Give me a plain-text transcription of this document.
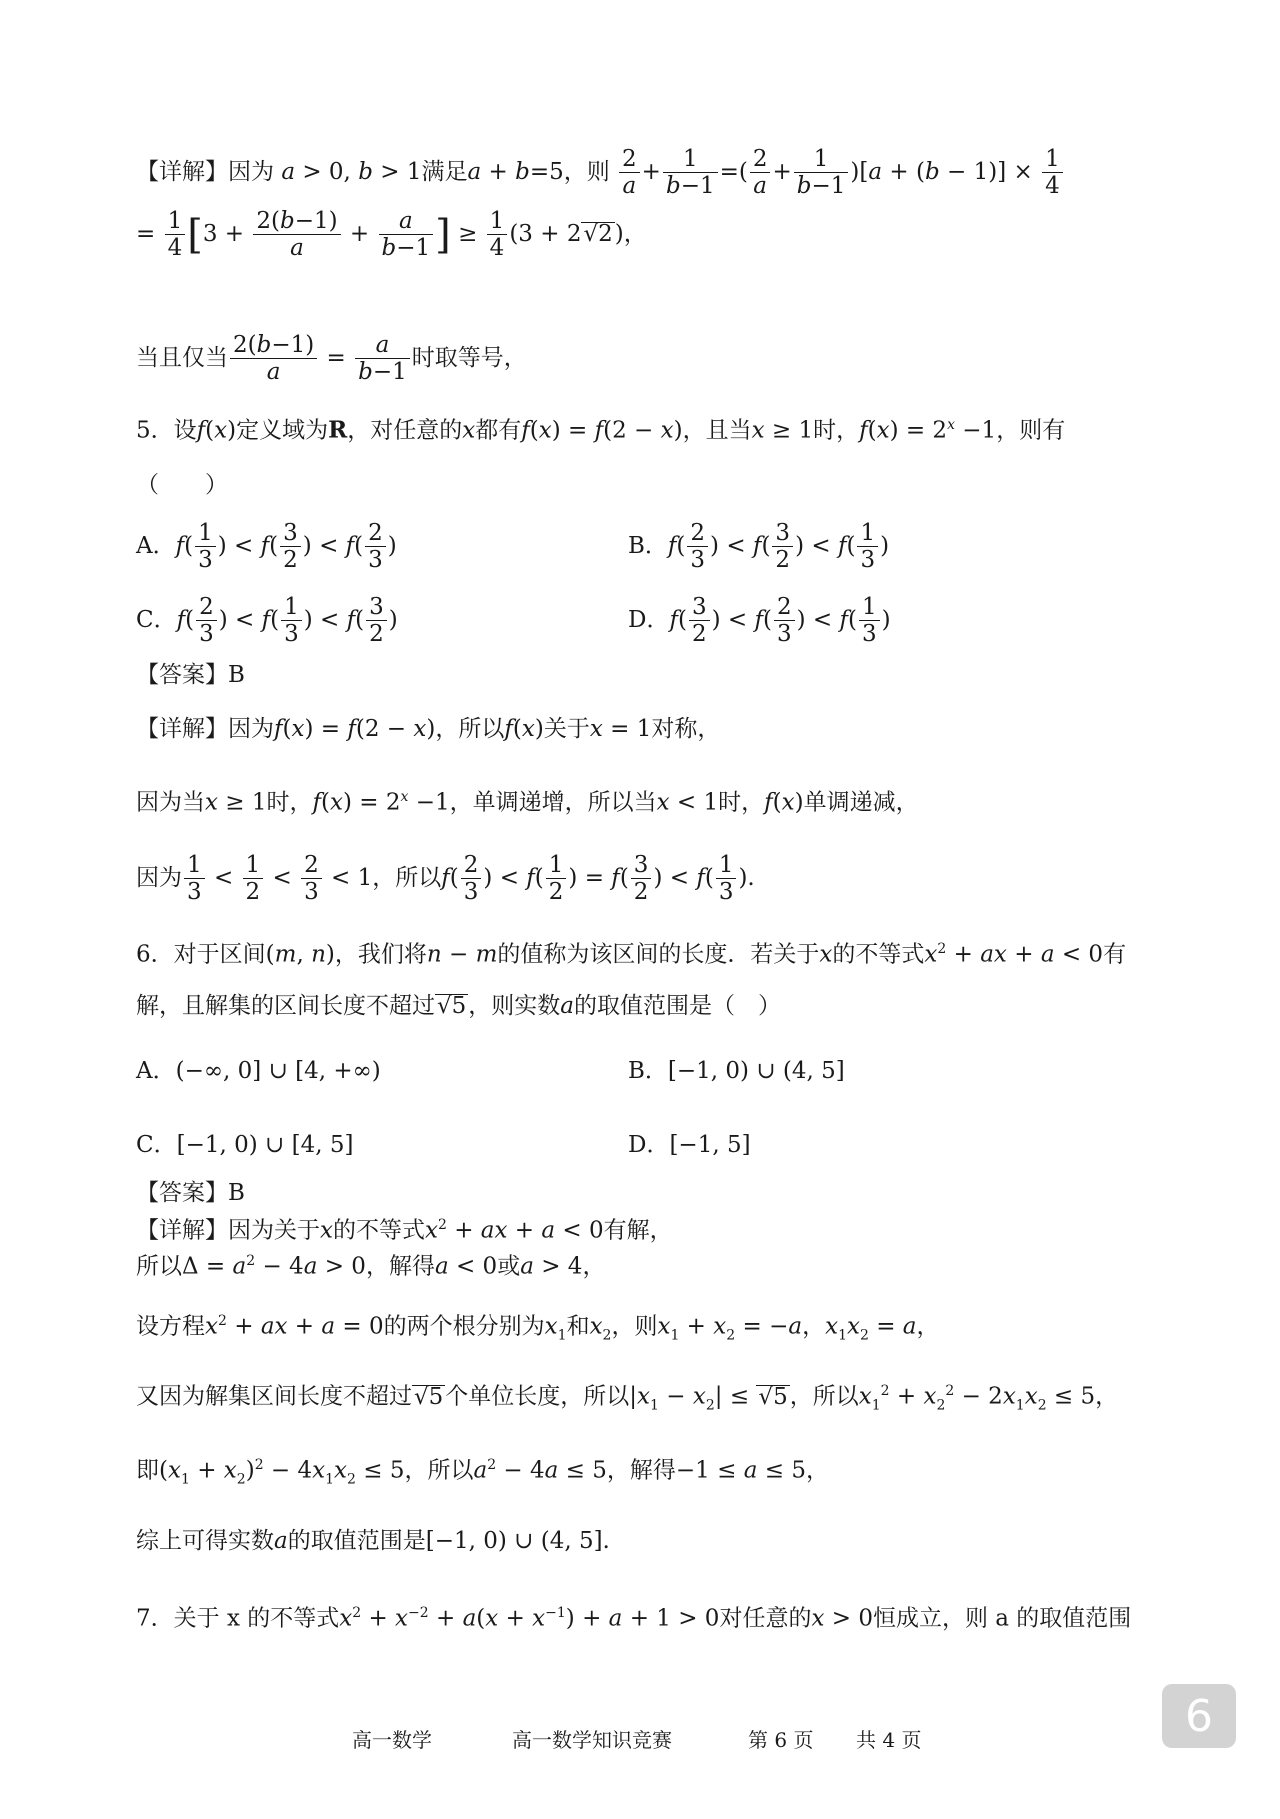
【详解】因为 a > 0, b > 1满足a + b=5，则 $\frac{2}{a} + \frac{1}{b-1}$ =( $\frac{2}{a} + \frac{1}{b-1} )[a + (b - 1)] \times \frac{1}{4}$
= $\frac{1}{4} [3 + \frac{2(b-1)}{a} + \frac{a}{b-1}$ ] ≥ $\frac{1}{4} (3 + 2√2)$，
当且仅当 $\frac{2(b-1)}{a} = \frac{a}{b-1}$ 时取等号，
5．设f(x)定义域为R，对任意的x都有f(x) = f(2 − x)，且当x ≥ 1时，$f(x) = 2^x -1$，则有
（　　）
A．$f( \frac{1}{3}$ ) < $f( \frac{3}{2}$ ) < $f( \frac{2}{3}$ )	B．$f( \frac{2}{3}$ ) < $f( \frac{3}{2}$ ) < $f( \frac{1}{3}$ )
C．$f( \frac{2}{3}$ ) < $f( \frac{1}{3}$ ) < $f( \frac{3}{2}$ )	D．$f( \frac{3}{2}$ ) < $f( \frac{2}{3}$ ) < $f( \frac{1}{3}$ )
【答案】B
【详解】因为f(x) = f(2 − x)，所以f(x)关于x = 1对称，
因为当x ≥ 1时，$f(x) = 2^x -1$，单调递增，所以当x < 1时，f(x)单调递减，
因为 $\frac{1}{3} < \frac{1}{2} < \frac{2}{3} < 1$，所以$f( \frac{2}{3}$ ) < $f( \frac{1}{2}$ ) = $f( \frac{3}{2}$ ) < $f( \frac{1}{3}$ ).
6．对于区间(m, n)，我们将n − m的值称为该区间的长度．若关于x的不等式$x^2$ + ax + a < 0有
解，且解集的区间长度不超过√5，则实数a的取值范围是（　）
A．(−∞, 0] ∪ [4, +∞)	B．[−1, 0) ∪ (4, 5]
C．[−1, 0) ∪ [4, 5]	D．[−1, 5]
【答案】B
【详解】因为关于x的不等式$x^2$ + ax + a < 0有解，
所以$\Delta = a^2 - 4a > 0$，解得a < 0或a > 4，
设方程$x^2$ + ax + a = 0的两个根分别为$x_1$和$x_2$，则$x_1 + x_2 = -a$，$x_1x_2 = a$，
又因为解集区间长度不超过√5个单位长度，所以$|x_1 - x_2| \le √5$，所以$x_1^2 + x_2^2 - 2x_1x_2 \le 5$，
即$(x_1 + x_2)^2 - 4x_1x_2 \le 5$，所以$a^2 - 4a \le 5$，解得−1 ≤ a ≤ 5，
综上可得实数a的取值范围是[−1, 0) ∪ (4, 5].
7．关于 x 的不等式$x^2 + x^{-2} + a(x + x^{-1}) + a + 1 > 0$对任意的x > 0恒成立，则 a 的取值范围
高一数学	高一数学知识竞赛	第 6 页 共 4 页	6
